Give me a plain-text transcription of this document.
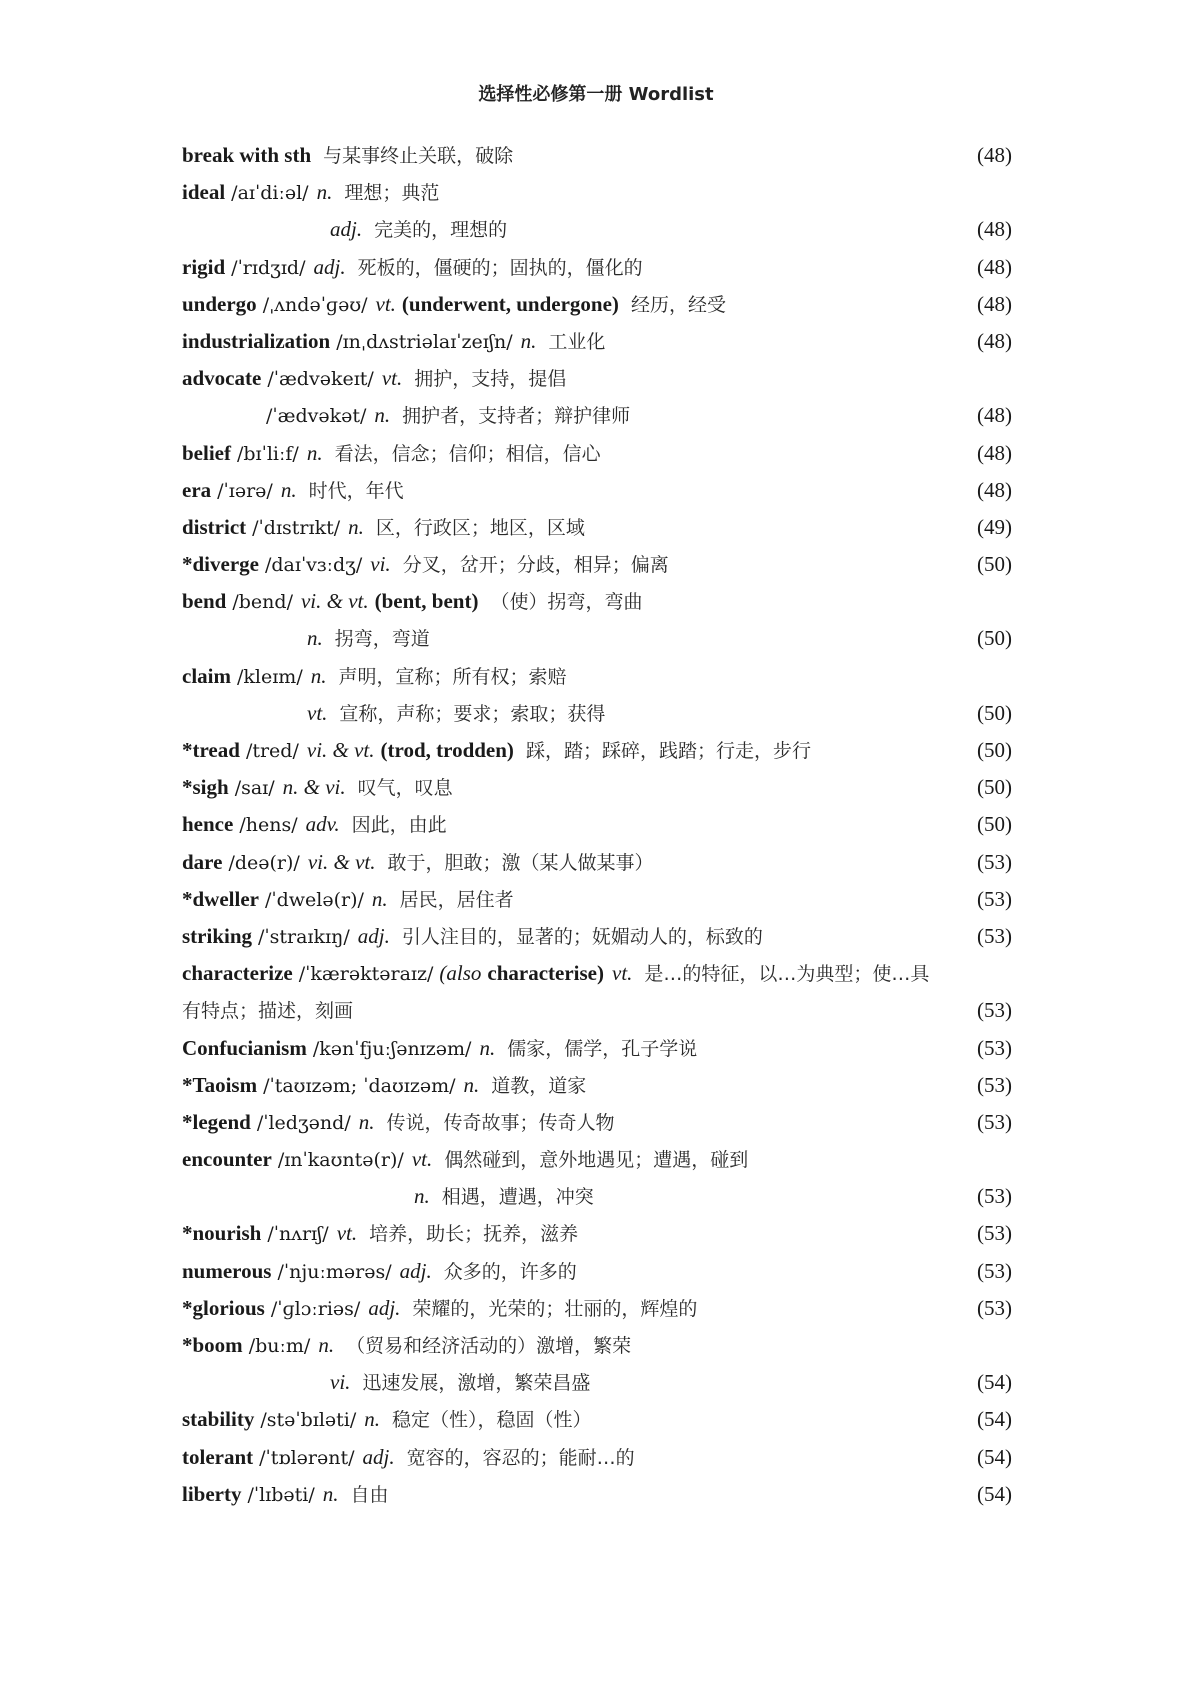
选择性必修第一册 Wordlist
break with sth 与某事终止关联，破除	(48)
ideal /aɪˈdiːəl/ n. 理想；典范
adj. 完美的，理想的	(48)
rigid /ˈrɪdʒɪd/ adj. 死板的，僵硬的；固执的，僵化的	(48)
undergo /ˌʌndəˈɡəʊ/ vt. (underwent, undergone) 经历，经受	(48)
industrialization /ɪnˌdʌstriəlaɪˈzeɪʃn/ n. 工业化	(48)
advocate /ˈædvəkeɪt/ vt. 拥护，支持，提倡
/ˈædvəkət/ n. 拥护者，支持者；辩护律师	(48)
belief /bɪˈliːf/ n. 看法，信念；信仰；相信，信心	(48)
era /ˈɪərə/ n. 时代，年代	(48)
district /ˈdɪstrɪkt/ n. 区，行政区；地区，区域	(49)
*diverge /daɪˈvɜːdʒ/ vi. 分叉，岔开；分歧，相异；偏离	(50)
bend /bend/ vi. & vt. (bent, bent) （使）拐弯，弯曲
n. 拐弯，弯道	(50)
claim /kleɪm/ n. 声明，宣称；所有权；索赔
vt. 宣称，声称；要求；索取；获得	(50)
*tread /tred/ vi. & vt. (trod, trodden) 踩，踏；踩碎，践踏；行走，步行	(50)
*sigh /saɪ/ n. & vi. 叹气，叹息	(50)
hence /hens/ adv. 因此，由此	(50)
dare /deə(r)/ vi. & vt. 敢于，胆敢；激（某人做某事）	(53)
*dweller /ˈdwelə(r)/ n. 居民，居住者	(53)
striking /ˈstraɪkɪŋ/ adj. 引人注目的，显著的；妩媚动人的，标致的	(53)
characterize /ˈkærəktəraɪz/ (also characterise) vt. 是…的特征，以…为典型；使…具
有特点；描述，刻画	(53)
Confucianism /kənˈfjuːʃənɪzəm/ n. 儒家，儒学，孔子学说	(53)
*Taoism /ˈtaʊɪzəm; ˈdaʊɪzəm/ n. 道教，道家	(53)
*legend /ˈledʒənd/ n. 传说，传奇故事；传奇人物	(53)
encounter /ɪnˈkaʊntə(r)/ vt. 偶然碰到，意外地遇见；遭遇，碰到
n. 相遇，遭遇，冲突	(53)
*nourish /ˈnʌrɪʃ/ vt. 培养，助长；抚养，滋养	(53)
numerous /ˈnjuːmərəs/ adj. 众多的，许多的	(53)
*glorious /ˈɡlɔːriəs/ adj. 荣耀的，光荣的；壮丽的，辉煌的	(53)
*boom /buːm/ n. （贸易和经济活动的）激增，繁荣
vi. 迅速发展，激增，繁荣昌盛	(54)
stability /stəˈbɪləti/ n. 稳定（性），稳固（性）	(54)
tolerant /ˈtɒlərənt/ adj. 宽容的，容忍的；能耐…的	(54)
liberty /ˈlɪbəti/ n. 自由	(54)
